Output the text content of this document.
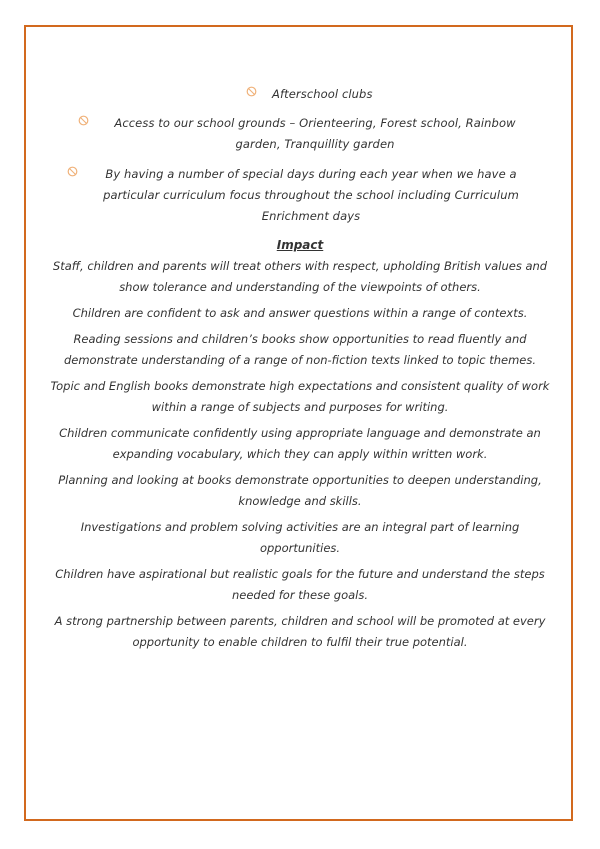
Afterschool clubs
Access to our school grounds – Orienteering, Forest school, Rainbow garden, Tranquillity garden
By having a number of special days during each year when we have a particular curriculum focus throughout the school including Curriculum Enrichment days
Impact

Staff, children and parents will treat others with respect, upholding British values and show tolerance and understanding of the viewpoints of others.

Children are confident to ask and answer questions within a range of contexts.

Reading sessions and children’s books show opportunities to read fluently and demonstrate understanding of a range of non-fiction texts linked to topic themes.

Topic and English books demonstrate high expectations and consistent quality of work within a range of subjects and purposes for writing.

Children communicate confidently using appropriate language and demonstrate an expanding vocabulary, which they can apply within written work.

Planning and looking at books demonstrate opportunities to deepen understanding, knowledge and skills.

Investigations and problem solving activities are an integral part of learning opportunities.

Children have aspirational but realistic goals for the future and understand the steps needed for these goals.

A strong partnership between parents, children and school will be promoted at every opportunity to enable children to fulfil their true potential.
